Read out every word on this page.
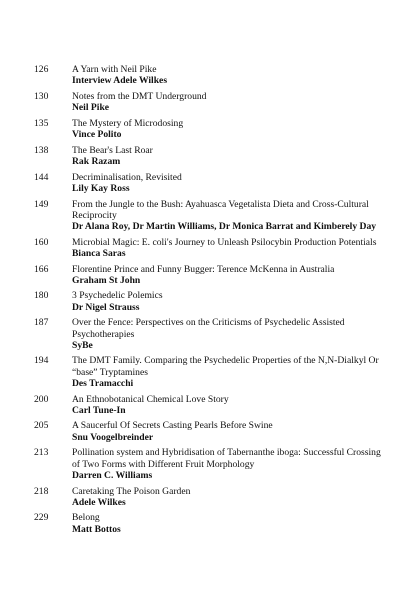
126	A Yarn with Neil Pike
Interview Adele Wilkes
130	Notes from the DMT Underground
Neil Pike
135	The Mystery of Microdosing
Vince Polito
138	The Bear's Last Roar
Rak Razam
144	Decriminalisation, Revisited
Lily Kay Ross
149	From the Jungle to the Bush: Ayahuasca Vegetalista Dieta and Cross-Cultural Reciprocity
Dr Alana Roy, Dr Martin Williams, Dr Monica Barrat and Kimberely Day
160	Microbial Magic: E. coli's Journey to Unleash Psilocybin Production Potentials
Bianca Saras
166	Florentine Prince and Funny Bugger: Terence McKenna in Australia
Graham St John
180	3 Psychedelic Polemics
Dr Nigel Strauss
187	Over the Fence: Perspectives on the Criticisms of Psychedelic Assisted Psychotherapies
SyBe
194	The DMT Family. Comparing the Psychedelic Properties of the N,N-Dialkyl Or “base” Tryptamines
Des Tramacchi
200	An Ethnobotanical Chemical Love Story
Carl Tune-In
205	A Saucerful Of Secrets Casting Pearls Before Swine
Snu Voogelbreinder
213	Pollination system and Hybridisation of Tabernanthe iboga: Successful Crossing of Two Forms with Different Fruit Morphology
Darren C. Williams
218	Caretaking The Poison Garden
Adele Wilkes
229	Belong
Matt Bottos
